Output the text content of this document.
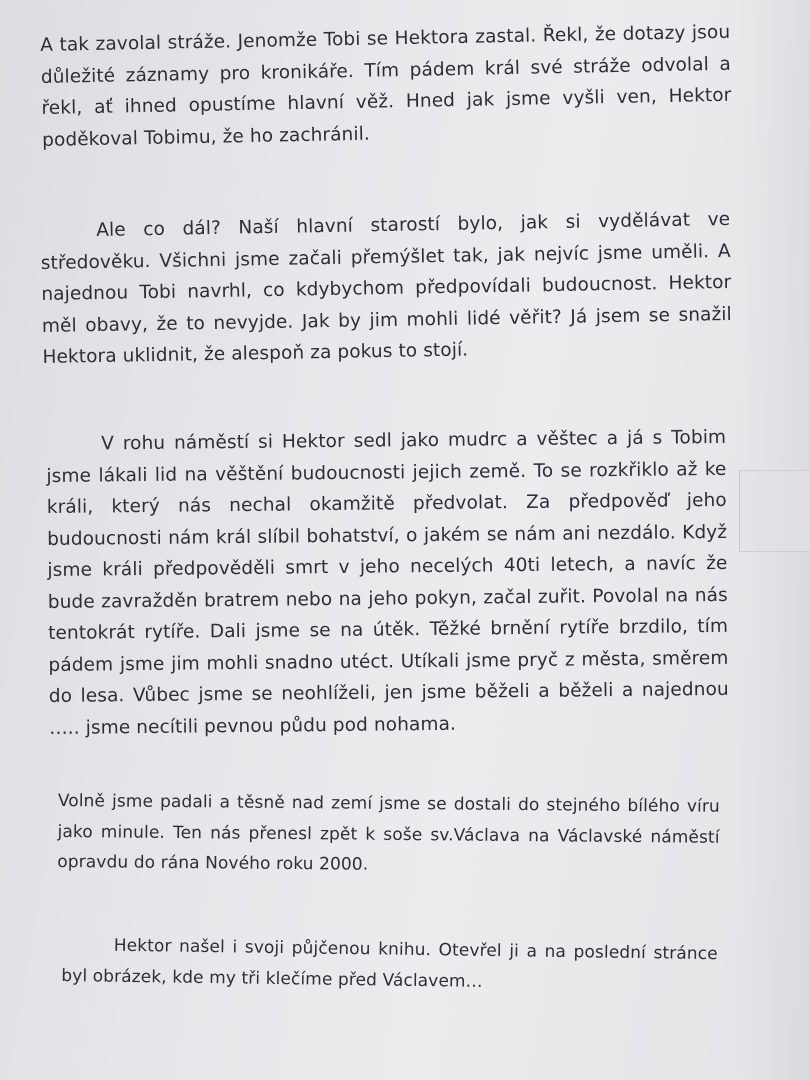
A tak zavolal stráže. Jenomže Tobi se Hektora zastal. Řekl, že dotazy jsou důležité záznamy pro kronikáře. Tím pádem král své stráže odvolal a řekl, ať ihned opustíme hlavní věž. Hned jak jsme vyšli ven, Hektor poděkoval Tobimu, že ho zachránil.

Ale co dál? Naší hlavní starostí bylo, jak si vydělávat ve středověku. Všichni jsme začali přemýšlet tak, jak nejvíc jsme uměli. A najednou Tobi navrhl, co kdybychom předpovídali budoucnost. Hektor měl obavy, že to nevyjde. Jak by jim mohli lidé věřit? Já jsem se snažil Hektora uklidnit, že alespoň za pokus to stojí.

V rohu náměstí si Hektor sedl jako mudrc a věštec a já s Tobim jsme lákali lid na věštění budoucnosti jejich země. To se rozkřiklo až ke králi, který nás nechal okamžitě předvolat. Za předpověď jeho budoucnosti nám král slíbil bohatství, o jakém se nám ani nezdálo. Když jsme králi předpověděli smrt v jeho necelých 40ti letech, a navíc že bude zavražděn bratrem nebo na jeho pokyn, začal zuřit. Povolal na nás tentokrát rytíře. Dali jsme se na útěk. Těžké brnění rytíře brzdilo, tím pádem jsme jim mohli snadno utéct. Utíkali jsme pryč z města, směrem do lesa. Vůbec jsme se neohlíželi, jen jsme běželi a běželi a najednou ….. jsme necítili pevnou půdu pod nohama.

Volně jsme padali a těsně nad zemí jsme se dostali do stejného bílého víru jako minule. Ten nás přenesl zpět k soše sv.Václava na Václavské náměstí opravdu do rána Nového roku 2000.

Hektor našel i svoji půjčenou knihu. Otevřel ji a na poslední stránce byl obrázek, kde my tři klečíme před Václavem…
